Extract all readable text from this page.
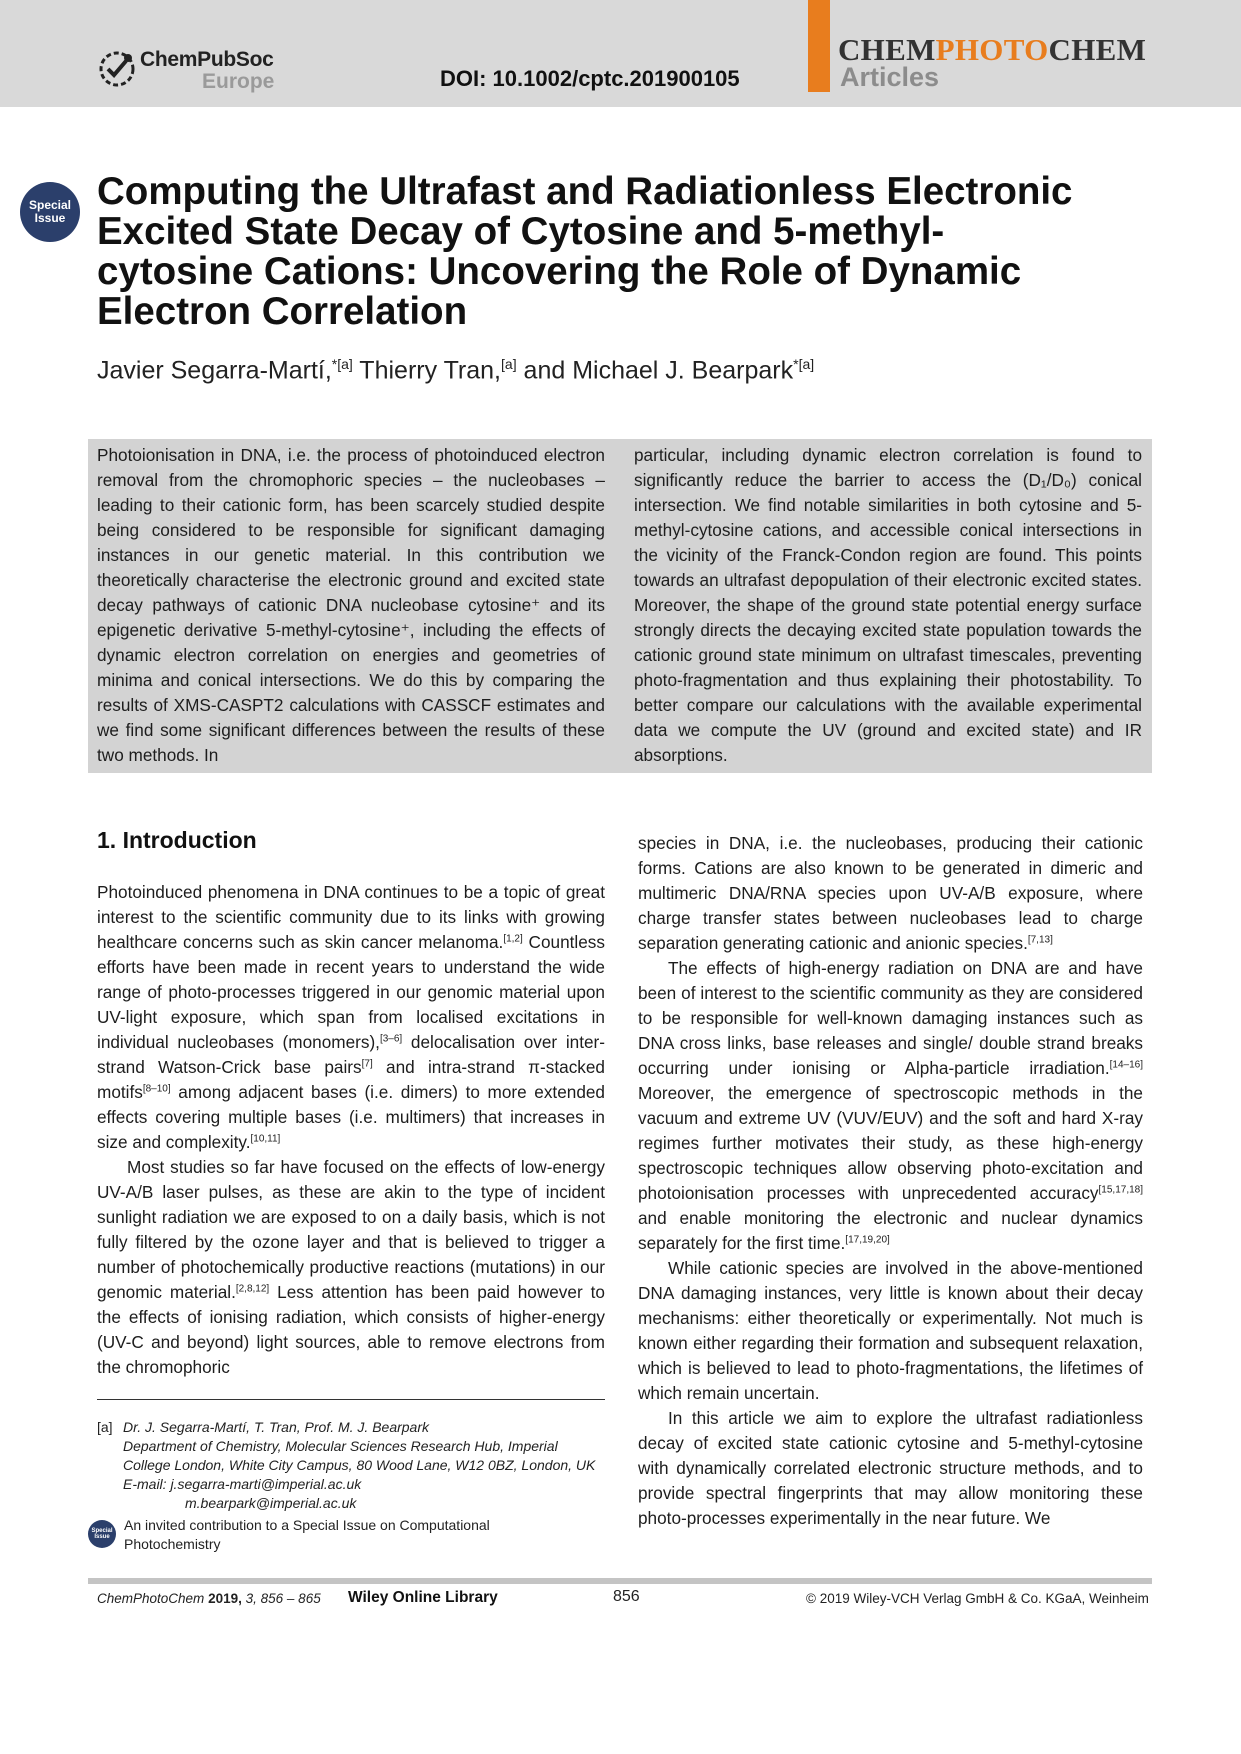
ChemPubSoc
Europe	DOI: 10.1002/cptc.201900105
CHEMPHOTOCHEM
Articles
Special
Issue
Computing the Ultrafast and Radiationless Electronic Excited State Decay of Cytosine and 5-methyl-cytosine Cations: Uncovering the Role of Dynamic Electron Correlation
Javier Segarra-Martí,$^{*[a]}$ Thierry Tran,[a] and Michael J. Bearpark$^{*[a]}$
Photoionisation in DNA, i.e. the process of photoinduced electron removal from the chromophoric species – the nucleobases – leading to their cationic form, has been scarcely studied despite being considered to be responsible for significant damaging instances in our genetic material. In this contribution we theoretically characterise the electronic ground and excited state decay pathways of cationic DNA nucleobase cytosine⁺ and its epigenetic derivative 5-methyl-cytosine⁺, including the effects of dynamic electron correlation on energies and geometries of minima and conical intersections. We do this by comparing the results of XMS-CASPT2 calculations with CASSCF estimates and we find some significant differences between the results of these two methods. In
particular, including dynamic electron correlation is found to significantly reduce the barrier to access the (D₁/D₀) conical intersection. We find notable similarities in both cytosine and 5-methyl-cytosine cations, and accessible conical intersections in the vicinity of the Franck-Condon region are found. This points towards an ultrafast depopulation of their electronic excited states. Moreover, the shape of the ground state potential energy surface strongly directs the decaying excited state population towards the cationic ground state minimum on ultrafast timescales, preventing photo-fragmentation and thus explaining their photostability. To better compare our calculations with the available experimental data we compute the UV (ground and excited state) and IR absorptions.
1. Introduction

Photoinduced phenomena in DNA continues to be a topic of great interest to the scientific community due to its links with growing healthcare concerns such as skin cancer melanoma.[1,2] Countless efforts have been made in recent years to understand the wide range of photo-processes triggered in our genomic material upon UV-light exposure, which span from localised excitations in individual nucleobases (monomers),[3–6] delocalisation over inter-strand Watson-Crick base pairs[7] and intra-strand π-stacked motifs[8–10] among adjacent bases (i.e. dimers) to more extended effects covering multiple bases (i.e. multimers) that increases in size and complexity.[10,11]

Most studies so far have focused on the effects of low-energy UV-A/B laser pulses, as these are akin to the type of incident sunlight radiation we are exposed to on a daily basis, which is not fully filtered by the ozone layer and that is believed to trigger a number of photochemically productive reactions (mutations) in our genomic material.[2,8,12] Less attention has been paid however to the effects of ionising radiation, which consists of higher-energy (UV-C and beyond) light sources, able to remove electrons from the chromophoric

species in DNA, i.e. the nucleobases, producing their cationic forms. Cations are also known to be generated in dimeric and multimeric DNA/RNA species upon UV-A/B exposure, where charge transfer states between nucleobases lead to charge separation generating cationic and anionic species.[7,13]

The effects of high-energy radiation on DNA are and have been of interest to the scientific community as they are considered to be responsible for well-known damaging instances such as DNA cross links, base releases and single/ double strand breaks occurring under ionising or Alpha-particle irradiation.[14–16] Moreover, the emergence of spectroscopic methods in the vacuum and extreme UV (VUV/EUV) and the soft and hard X-ray regimes further motivates their study, as these high-energy spectroscopic techniques allow observing photo-excitation and photoionisation processes with unprecedented accuracy[15,17,18] and enable monitoring the electronic and nuclear dynamics separately for the first time.[17,19,20]

While cationic species are involved in the above-mentioned DNA damaging instances, very little is known about their decay mechanisms: either theoretically or experimentally. Not much is known either regarding their formation and subsequent relaxation, which is believed to lead to photo-fragmentations, the lifetimes of which remain uncertain.

In this article we aim to explore the ultrafast radiationless decay of excited state cationic cytosine and 5-methyl-cytosine with dynamically correlated electronic structure methods, and to provide spectral fingerprints that may allow monitoring these photo-processes experimentally in the near future. We

[a] Dr. J. Segarra-Martí, T. Tran, Prof. M. J. Bearpark
Department of Chemistry, Molecular Sciences Research Hub, Imperial College London, White City Campus, 80 Wood Lane, W12 0BZ, London, UK
E-mail: j.segarra-marti@imperial.ac.uk
m.bearpark@imperial.ac.uk
An invited contribution to a Special Issue on Computational Photochemistry
Special
Issue
ChemPhotoChem 2019, 3, 856 – 865 Wiley Online Library	856	© 2019 Wiley-VCH Verlag GmbH & Co. KGaA, Weinheim
